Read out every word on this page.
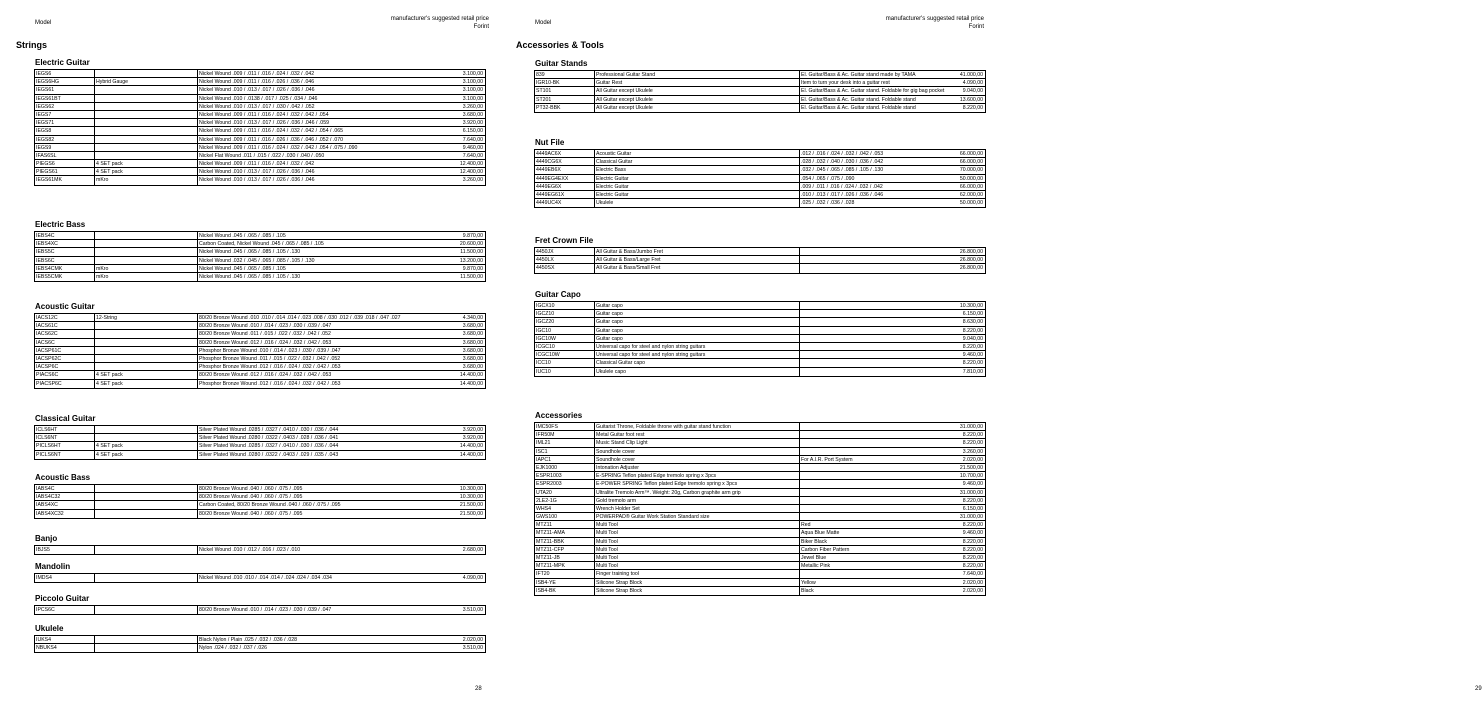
Model
manufacturer's suggested retail price
Forint
Strings
Electric Guitar
IEGS6	Nickel Wound .009 / .011 / .016 / .024 / .032 / .042	3.100,00
IEGS6HG	Hybrid Gauge	Nickel Wound .009 / .011 / .016 / .026 / .036 / .046	3.100,00
IEGS61	Nickel Wound .010 / .013 / .017 / .026 / .036 / .046	3.100,00
IEGS61BT	Nickel Wound .010 / .0138 / .017 / .025 / .034 / .046	3.100,00
IEGS62	Nickel Wound .010 / .013 / .017 / .030 / .042 / .052	3.260,00
IEGS7	Nickel Wound .009 / .011 / .016 / .024 / .032 / .042 / .054	3.680,00
IEGS71	Nickel Wound .010 / .013 / .017 / .026 / .036 / .046 / .059	3.920,00
IEGS8	Nickel Wound .009 / .011 / .016 / .024 / .032 / .042 / .054 / .065	6.150,00
IEGS82	Nickel Wound .009 / .011 / .016 / .026 / .036 / .046 / .052 / .070	7.640,00
IEGS9	Nickel Wound .009 / .011 / .016 / .024 / .032 / .042 / .054 / .075 / .090	9.460,00
IFAS6SL	Nickel Flat Wound .011 / .015 / .022 / .030 / .040 / .050	7.640,00
PIEGS6	4 SET pack	Nickel Wound .009 / .011 / .016 / .024 / .032 / .042	12.400,00
PIEGS61	4 SET pack	Nickel Wound .010 / .013 / .017 / .026 / .036 / .046	12.400,00
IEGS61MK	mKro	Nickel Wound .010 / .013 / .017 / .026 / .036 / .046	3.260,00
Electric Bass
IEBS4C	Nickel Wound .045 / .065 / .085 / .105	9.870,00
IEBS4XC	Carbon Coated, Nickel Wound .045 / .065 / .085 / .105	20.600,00
IEBS5C	Nickel Wound .045 / .065 / .085 / .105 / .130	11.500,00
IEBS6C	Nickel Wound .032 / .045 / .065 / .085 / .105 / .130	13.200,00
IEBS4CMK	mKro	Nickel Wound .045 / .065 / .085 / .105	9.870,00
IEBS5CMK	mKro	Nickel Wound .045 / .065 / .085 / .105 / .130	11.500,00
Acoustic Guitar
IACS12C	12-String	80/20 Bronze Wound .010 .010 / .014 .014 / .023 .008 / .030 .012 / .039 .018 / .047 .027	4.340,00
IACS61C	80/20 Bronze Wound .010 / .014 / .023 / .030 / .039 / .047	3.680,00
IACS62C	80/20 Bronze Wound .011 / .015 / .022 / .032 / .042 / .052	3.680,00
IACS6C	80/20 Bronze Wound .012 / .016 / .024 / .032 / .042 / .053	3.680,00
IACSP61C	Phosphor Bronze Wound .010 / .014 / .023 / .030 / .039 / .047	3.680,00
IACSP62C	Phosphor Bronze Wound .011 / .015 / .022 / .032 / .042 / .052	3.680,00
IACSP6C	Phosphor Bronze Wound .012 / .016 / .024 / .032 / .042 / .053	3.680,00
PIACS6C	4 SET pack	80/20 Bronze Wound .012 / .016 / .024 / .032 / .042 / .053	14.400,00
PIACSP6C	4 SET pack	Phosphor Bronze Wound .012 / .016 / .024 / .032 / .042 / .053	14.400,00
Classical Guitar
ICLS6HT	Silver Plated Wound .0285 / .0327 / .0410 / .030 / .036 / .044	3.920,00
ICLS6NT	Silver Plated Wound .0280 / .0322 / .0403 / .028 / .036 / .041	3.920,00
PICLS6HT	4 SET pack	Silver Plated Wound .0285 / .0327 / .0410 / .030 / .036 / .044	14.400,00
PICLS6NT	4 SET pack	Silver Plated Wound .0280 / .0322 / .0403 / .029 / .035 / .043	14.400,00
Acoustic Bass
IABS4C	80/20 Bronze Wound .040 / .060 / .075 / .095	10.300,00
IABS4C32	80/20 Bronze Wound .040 / .060 / .075 / .095	10.300,00
IABS4XC	Carbon Coated, 80/20 Bronze Wound .040 / .060 / .075 / .095	21.500,00
IABS4XC32	80/20 Bronze Wound .040 / .060 / .075 / .095	21.500,00
Banjo
IBJS5	Nickel Wound .010 / .012 / .016 / .023 / .010	2.680,00
Mandolin
IMDS4	Nickel Wound .010 .010 / .014 .014 / .024 .024 / .034 .034	4.090,00
Piccolo Guitar
IPCS6C	80/20 Bronze Wound .010 / .014 / .023 / .030 / .039 / .047	3.510,00
Ukulele
IUKS4	Black Nylon / Plain .025 / .032 / .036 / .028	2.020,00
NBUKS4	Nylon .024 / .032 / .037 / .026	3.510,00
28
Model
manufacturer's suggested retail price
Forint
Accessories & Tools
Guitar Stands
839	Professional Guitar Stand	El. Guitar/Bass & Ac. Guitar stand made by TAMA	41.000,00
IGR10-BK	Guitar Rest	Item to turn your desk into a guitar rest	4.090,00
ST101	All Guitar except Ukulele	El. Guitar/Bass & Ac. Guitar stand. Foldable for gig bag pocket	9.040,00
ST201	All Guitar except Ukulele	El. Guitar/Bass & Ac. Guitar stand. Foldable stand	13.600,00
PT32-BBK	All Guitar except Ukulele	El. Guitar/Bass & Ac. Guitar stand. Foldable stand	8.220,00
Nut File
4449AC6X	Acoustic Guitar	.012 / .016 / .024 / .032 / .042 / .053	66.000,00
4449CG6X	Classical Guitar	.028 / .032 / .040 / .030 / .036 / .042	66.000,00
4449EB6X	Electric Bass	.032 / .045 / .065 / .085 / .105 / .130	70.000,00
4449EG4EXX	Electric Guitar	.054 / .065 / .075 / .090	50.000,00
4449EG6X	Electric Guitar	.009 / .011 / .016 / .024 / .032 / .042	66.000,00
4449EG61X	Electric Guitar	.010 / .013 / .017 / .026 / .036 / .046	62.000,00
4449UC4X	Ukulele	.025 / .032 / .036 / .028	50.000,00
Fret Crown File
4450JX	All Guitar & Bass/Jumbo Fret	26.800,00
4450LX	All Guitar & Bass/Large Fret	26.800,00
4450SX	All Guitar & Bass/Small Fret	26.800,00
Guitar Capo
IGCX10	Guitar capo	10.300,00
IGCZ10	Guitar capo	6.150,00
IGCZ20	Guitar capo	8.630,00
IGC10	Guitar capo	8.220,00
IGC10W	Guitar capo	9.040,00
ICGC10	Universal capo for steel and nylon string guitars	8.220,00
ICGC10W	Universal capo for steel and nylon string guitars	9.460,00
ICC10	Classical Guitar capo	8.220,00
IUC10	Ukulele capo	7.810,00
Accessories
IMC50FS	Guitarist Throne, Foldable throne with guitar stand function	31.000,00
IFR50M	Metal Guitar foot rest	8.220,00
IML21	Music Stand Clip Light	8.220,00
ISC1	Soundhole cover	3.260,00
IAPC1	Soundhole cover	For A.I.R. Port System	2.020,00
EJK1000	Intonation Adjuster	21.500,00
ESPR1003	E-SPRING Teflon plated Edge tremolo spring x 3pcs	10.700,00
ESPR2003	E-POWER SPRING Teflon plated Edge tremolo spring x 3pcs	9.460,00
UTA20	Ultralite Tremolo Arm™. Weight: 20g, Carbon graphite arm grip	31.000,00
2LE2-1G	Gold tremolo arm	8.220,00
WHS4	Wrench Holder Set	6.150,00
GWS100	POWERPAD® Guitar Work Station Standard size	31.000,00
MTZ11	Multi Tool	Red	8.220,00
MTZ11-AMA	Multi Tool	Aqua Blue Matte	9.460,00
MTZ11-BBK	Multi Tool	Biker Black	8.220,00
MTZ11-CFP	Multi Tool	Carbon Fiber Pattern	8.220,00
MTZ11-JB	Multi Tool	Jewel Blue	8.220,00
MTZ11-MPK	Multi Tool	Metallic Pink	8.220,00
IFT20	Finger training tool	7.640,00
ISB4-YE	Silicone Strap Block	Yellow	2.020,00
ISB4-BK	Silicone Strap Block	Black	2.020,00
29
